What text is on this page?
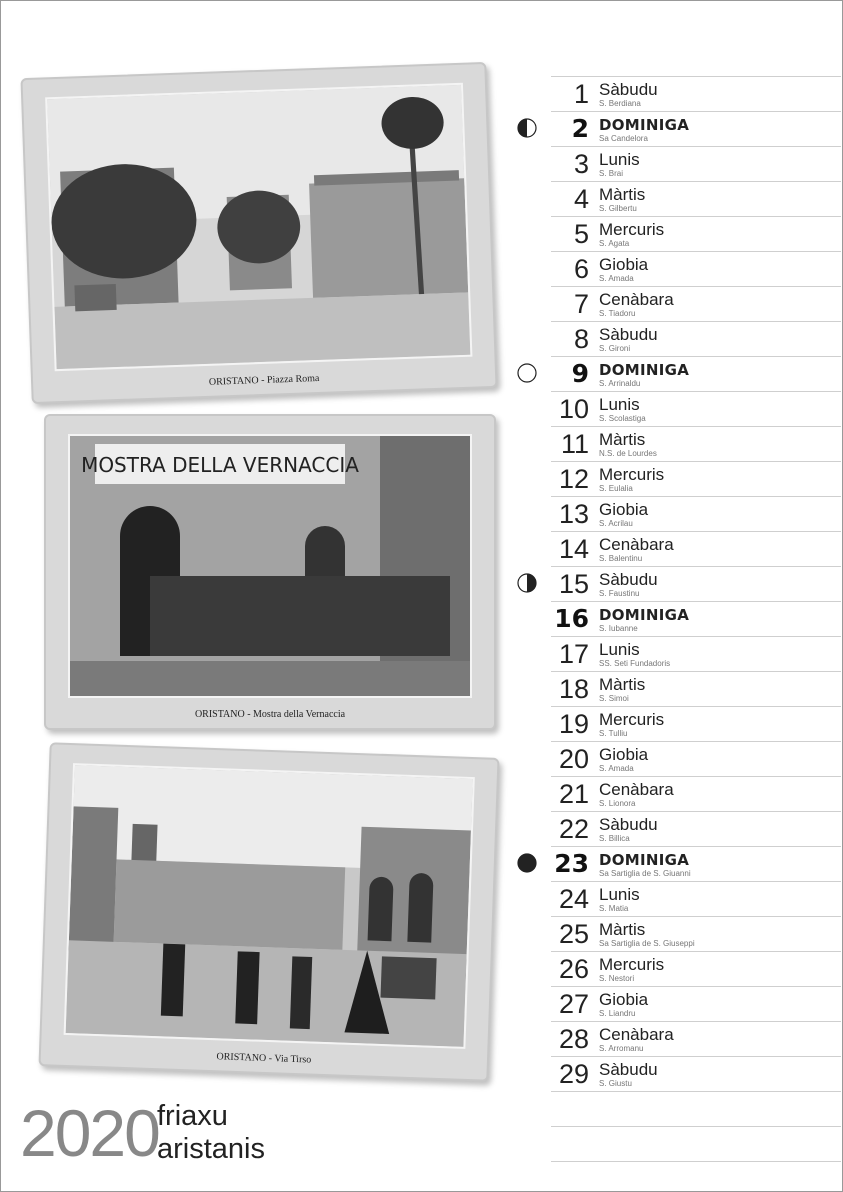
ORISTANO - Piazza Roma
MOSTRA DELLA VERNACCIA
ORISTANO - Mostra della Vernaccia
ORISTANO - Via Tirso
1 Sàbudu
S. Berdiana
2 DOMINIGA
Sa Candelora
3 Lunis
S. Brai
4 Màrtis
S. Gilbertu
5 Mercuris
S. Agata
6 Giobia
S. Amada
7 Cenàbara
S. Tiadoru
8 Sàbudu
S. Gironi
9 DOMINIGA
S. Arrinaldu
10 Lunis
S. Scolastiga
11 Màrtis
N.S. de Lourdes
12 Mercuris
S. Eulalia
13 Giobia
S. Acrilau
14 Cenàbara
S. Balentinu
15 Sàbudu
S. Faustinu
16 DOMINIGA
S. Iubanne
17 Lunis
SS. Seti Fundadoris
18 Màrtis
S. Simoi
19 Mercuris
S. Tulliu
20 Giobia
S. Amada
21 Cenàbara
S. Lionora
22 Sàbudu
S. Billica
23 DOMINIGA
Sa Sartiglia de S. Giuanni
24 Lunis
S. Matia
25 Màrtis
Sa Sartiglia de S. Giuseppi
26 Mercuris
S. Nestori
27 Giobia
S. Liandru
28 Cenàbara
S. Arromanu
29 Sàbudu
S. Giustu
2020
friaxu
aristanis
